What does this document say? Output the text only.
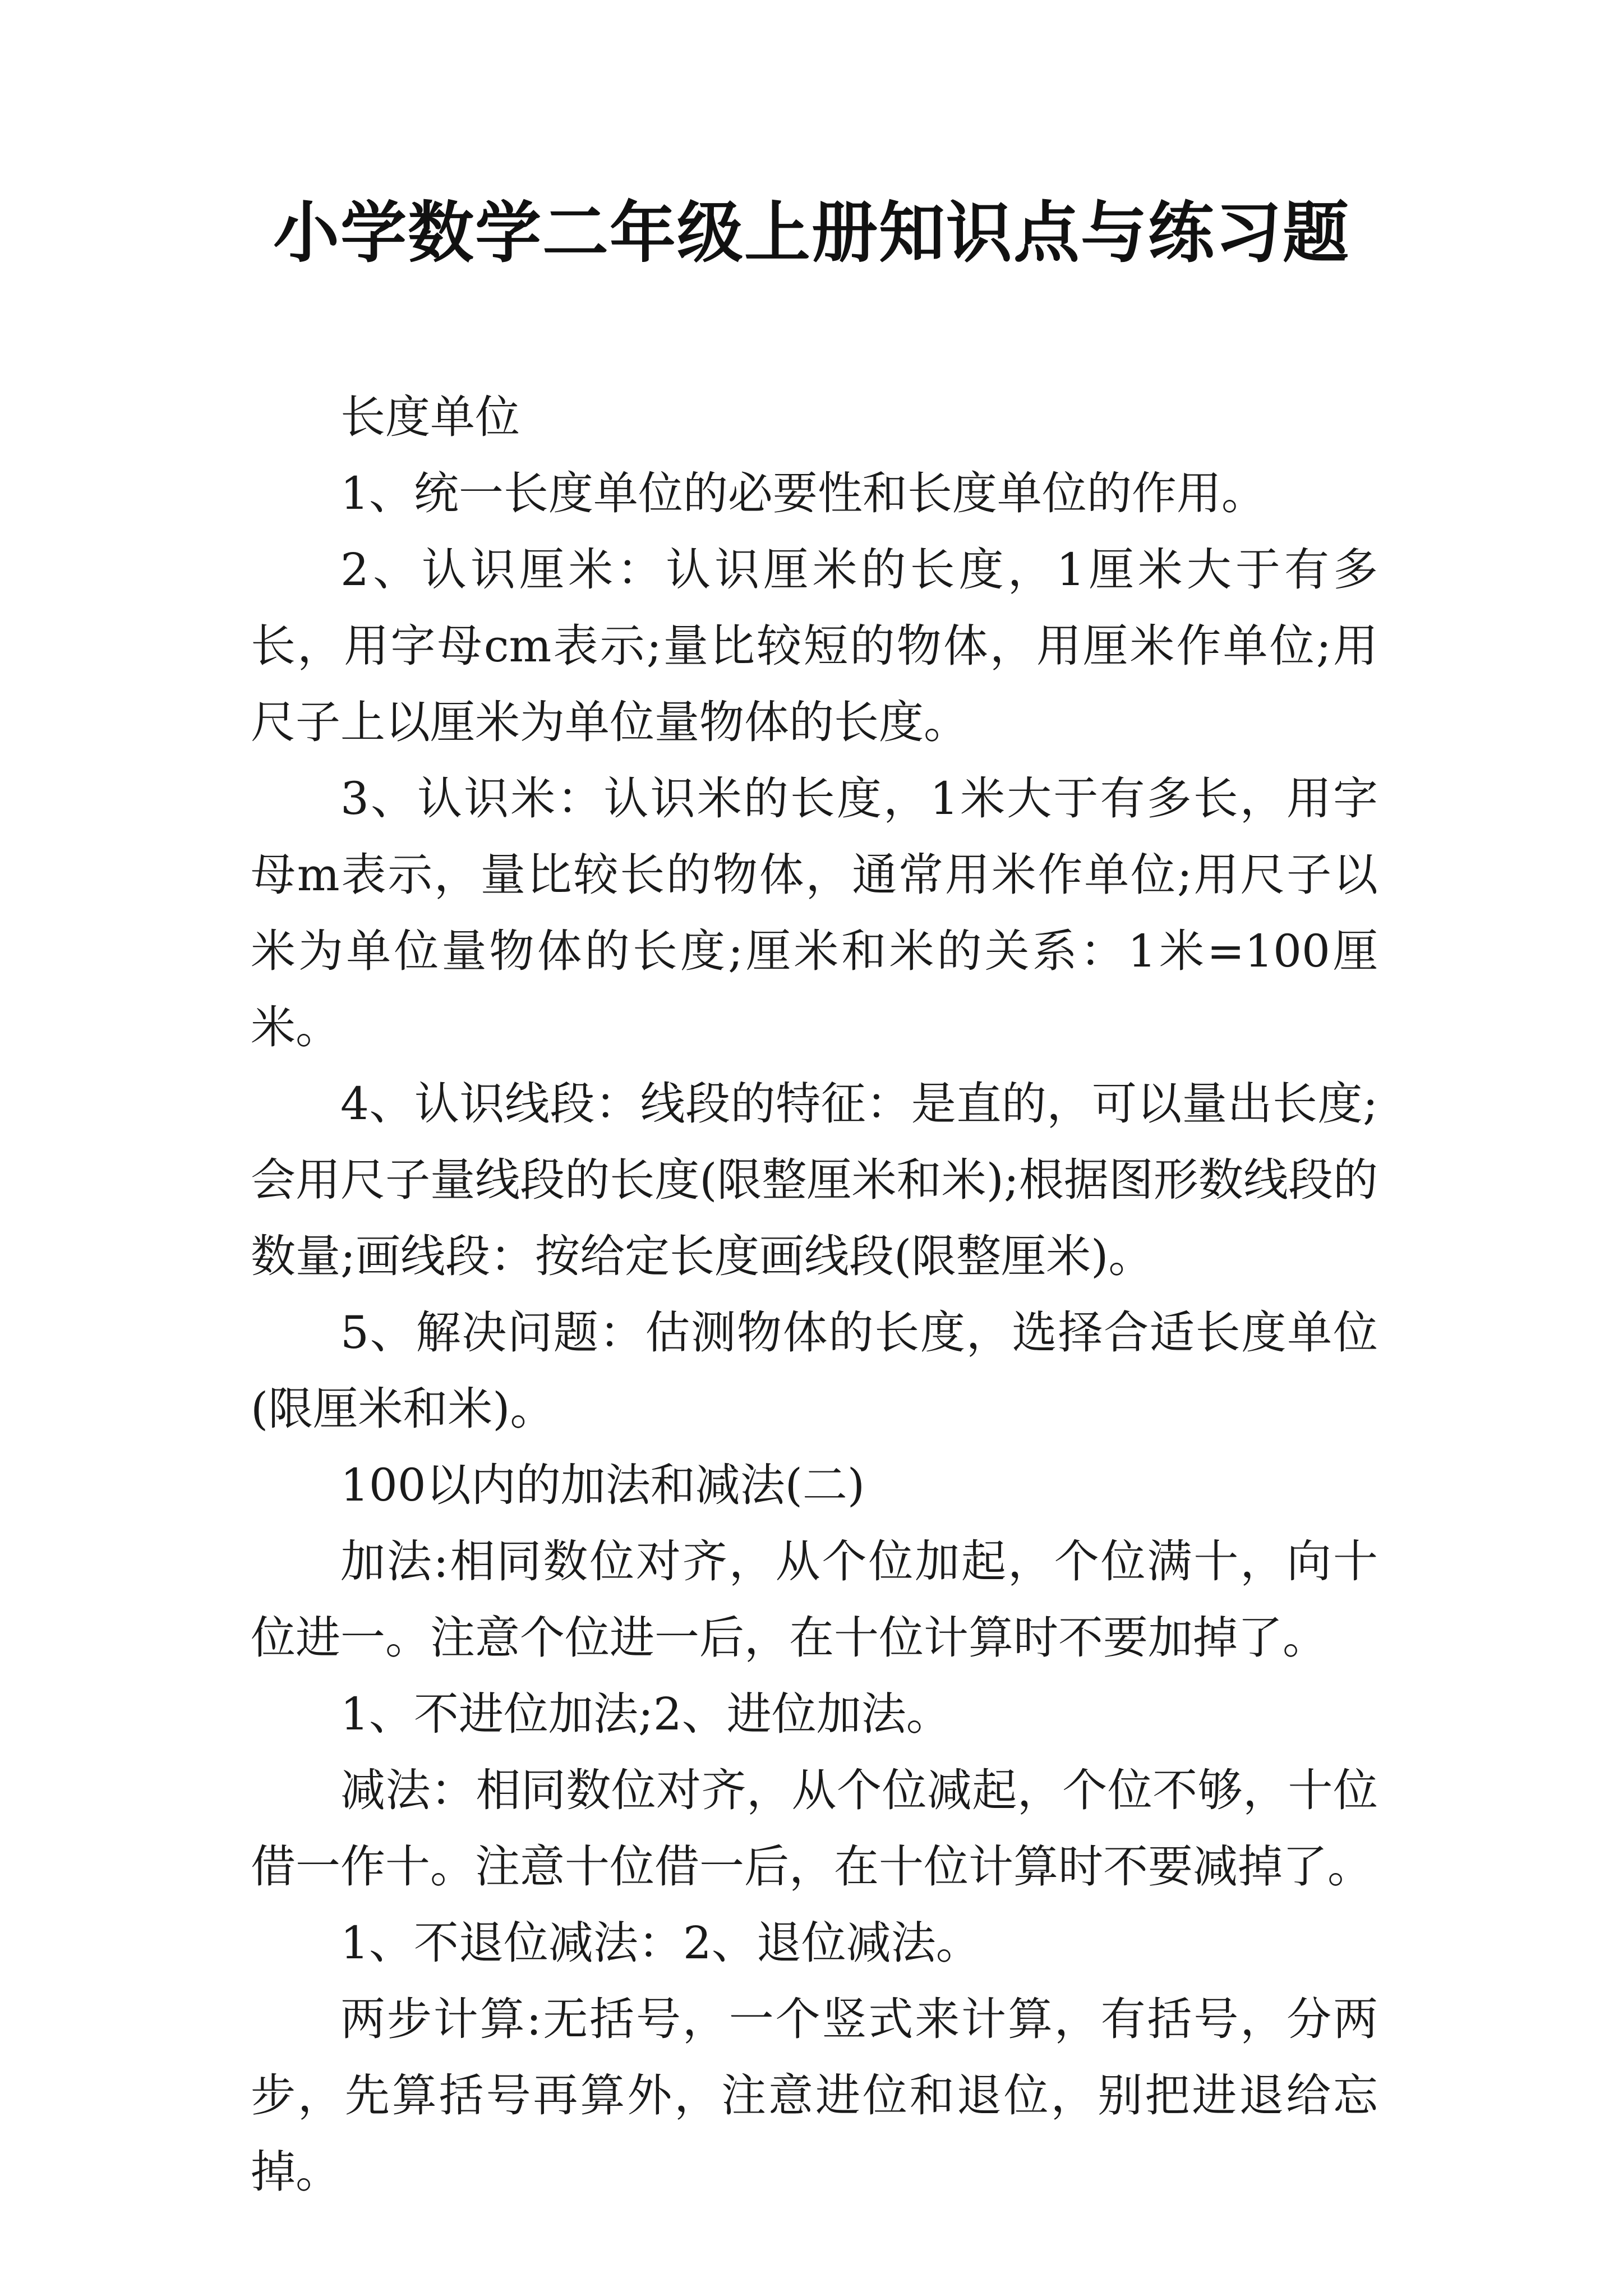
小学数学二年级上册知识点与练习题

长度单位

1、统一长度单位的必要性和长度单位的作用。

2、认识厘米：认识厘米的长度，1厘米大于有多长，用字母cm表示;量比较短的物体，用厘米作单位;用尺子上以厘米为单位量物体的长度。

3、认识米：认识米的长度，1米大于有多长，用字母m表示，量比较长的物体，通常用米作单位;用尺子以米为单位量物体的长度;厘米和米的关系：1米=100厘米。

4、认识线段：线段的特征：是直的，可以量出长度;会用尺子量线段的长度(限整厘米和米);根据图形数线段的数量;画线段：按给定长度画线段(限整厘米)。

5、解决问题：估测物体的长度，选择合适长度单位(限厘米和米)。

100以内的加法和减法(二)

加法:相同数位对齐，从个位加起，个位满十，向十位进一。注意个位进一后，在十位计算时不要加掉了。

1、不进位加法;2、进位加法。

减法：相同数位对齐，从个位减起，个位不够，十位借一作十。注意十位借一后，在十位计算时不要减掉了。

1、不退位减法：2、退位减法。

两步计算:无括号，一个竖式来计算，有括号，分两步，先算括号再算外，注意进位和退位，别把进退给忘掉。
